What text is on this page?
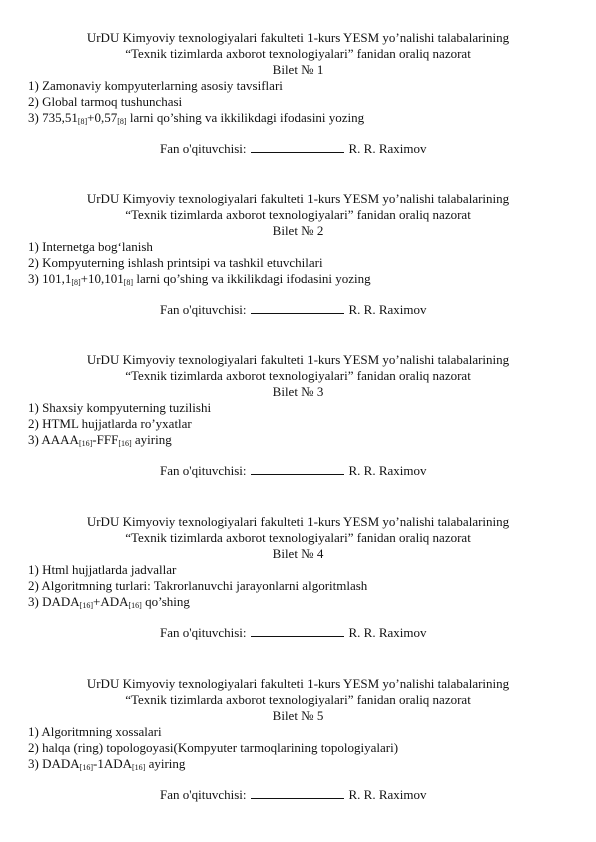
UrDU Kimyoviy texnologiyalari fakulteti 1-kurs YESM yo’nalishi talabalarining
“Texnik tizimlarda axborot texnologiyalari” fanidan oraliq nazorat
Bilet № 1
1) Zamonaviy kompyuterlarning asosiy tavsiflari
2) Global tarmoq tushunchasi
3) $735,51_{[8]}+0,57_{[8]}$ larni qo’shing va ikkilikdagi ifodasini yozing
Fan o'qituvchisi:	R. R. Raximov
UrDU Kimyoviy texnologiyalari fakulteti 1-kurs YESM yo’nalishi talabalarining
“Texnik tizimlarda axborot texnologiyalari” fanidan oraliq nazorat
Bilet № 2
1) Internetga bog‘lanish
2) Kompyuterning ishlash printsipi va tashkil etuvchilari
3) $101,1_{[8]}+10,101_{[8]}$ larni qo’shing va ikkilikdagi ifodasini yozing
Fan o'qituvchisi:	R. R. Raximov
UrDU Kimyoviy texnologiyalari fakulteti 1-kurs YESM yo’nalishi talabalarining
“Texnik tizimlarda axborot texnologiyalari” fanidan oraliq nazorat
Bilet № 3
1) Shaxsiy kompyuterning tuzilishi
2) HTML hujjatlarda ro’yxatlar
3) $AAAA_{[16]}-FFF_{[16]}$ ayiring
Fan o'qituvchisi:	R. R. Raximov
UrDU Kimyoviy texnologiyalari fakulteti 1-kurs YESM yo’nalishi talabalarining
“Texnik tizimlarda axborot texnologiyalari” fanidan oraliq nazorat
Bilet № 4
1) Html hujjatlarda jadvallar
2) Algoritmning turlari: Takrorlanuvchi jarayonlarni algoritmlash
3) $DADA_{[16]}+ADA_{[16]}$ qo’shing
Fan o'qituvchisi:	R. R. Raximov
UrDU Kimyoviy texnologiyalari fakulteti 1-kurs YESM yo’nalishi talabalarining
“Texnik tizimlarda axborot texnologiyalari” fanidan oraliq nazorat
Bilet № 5
1) Algoritmning xossalari
2) halqa (ring) topologoyasi(Kompyuter tarmoqlarining topologiyalari)
3) $DADA_{[16]}-1ADA_{[16]}$ ayiring
Fan o'qituvchisi:	R. R. Raximov
